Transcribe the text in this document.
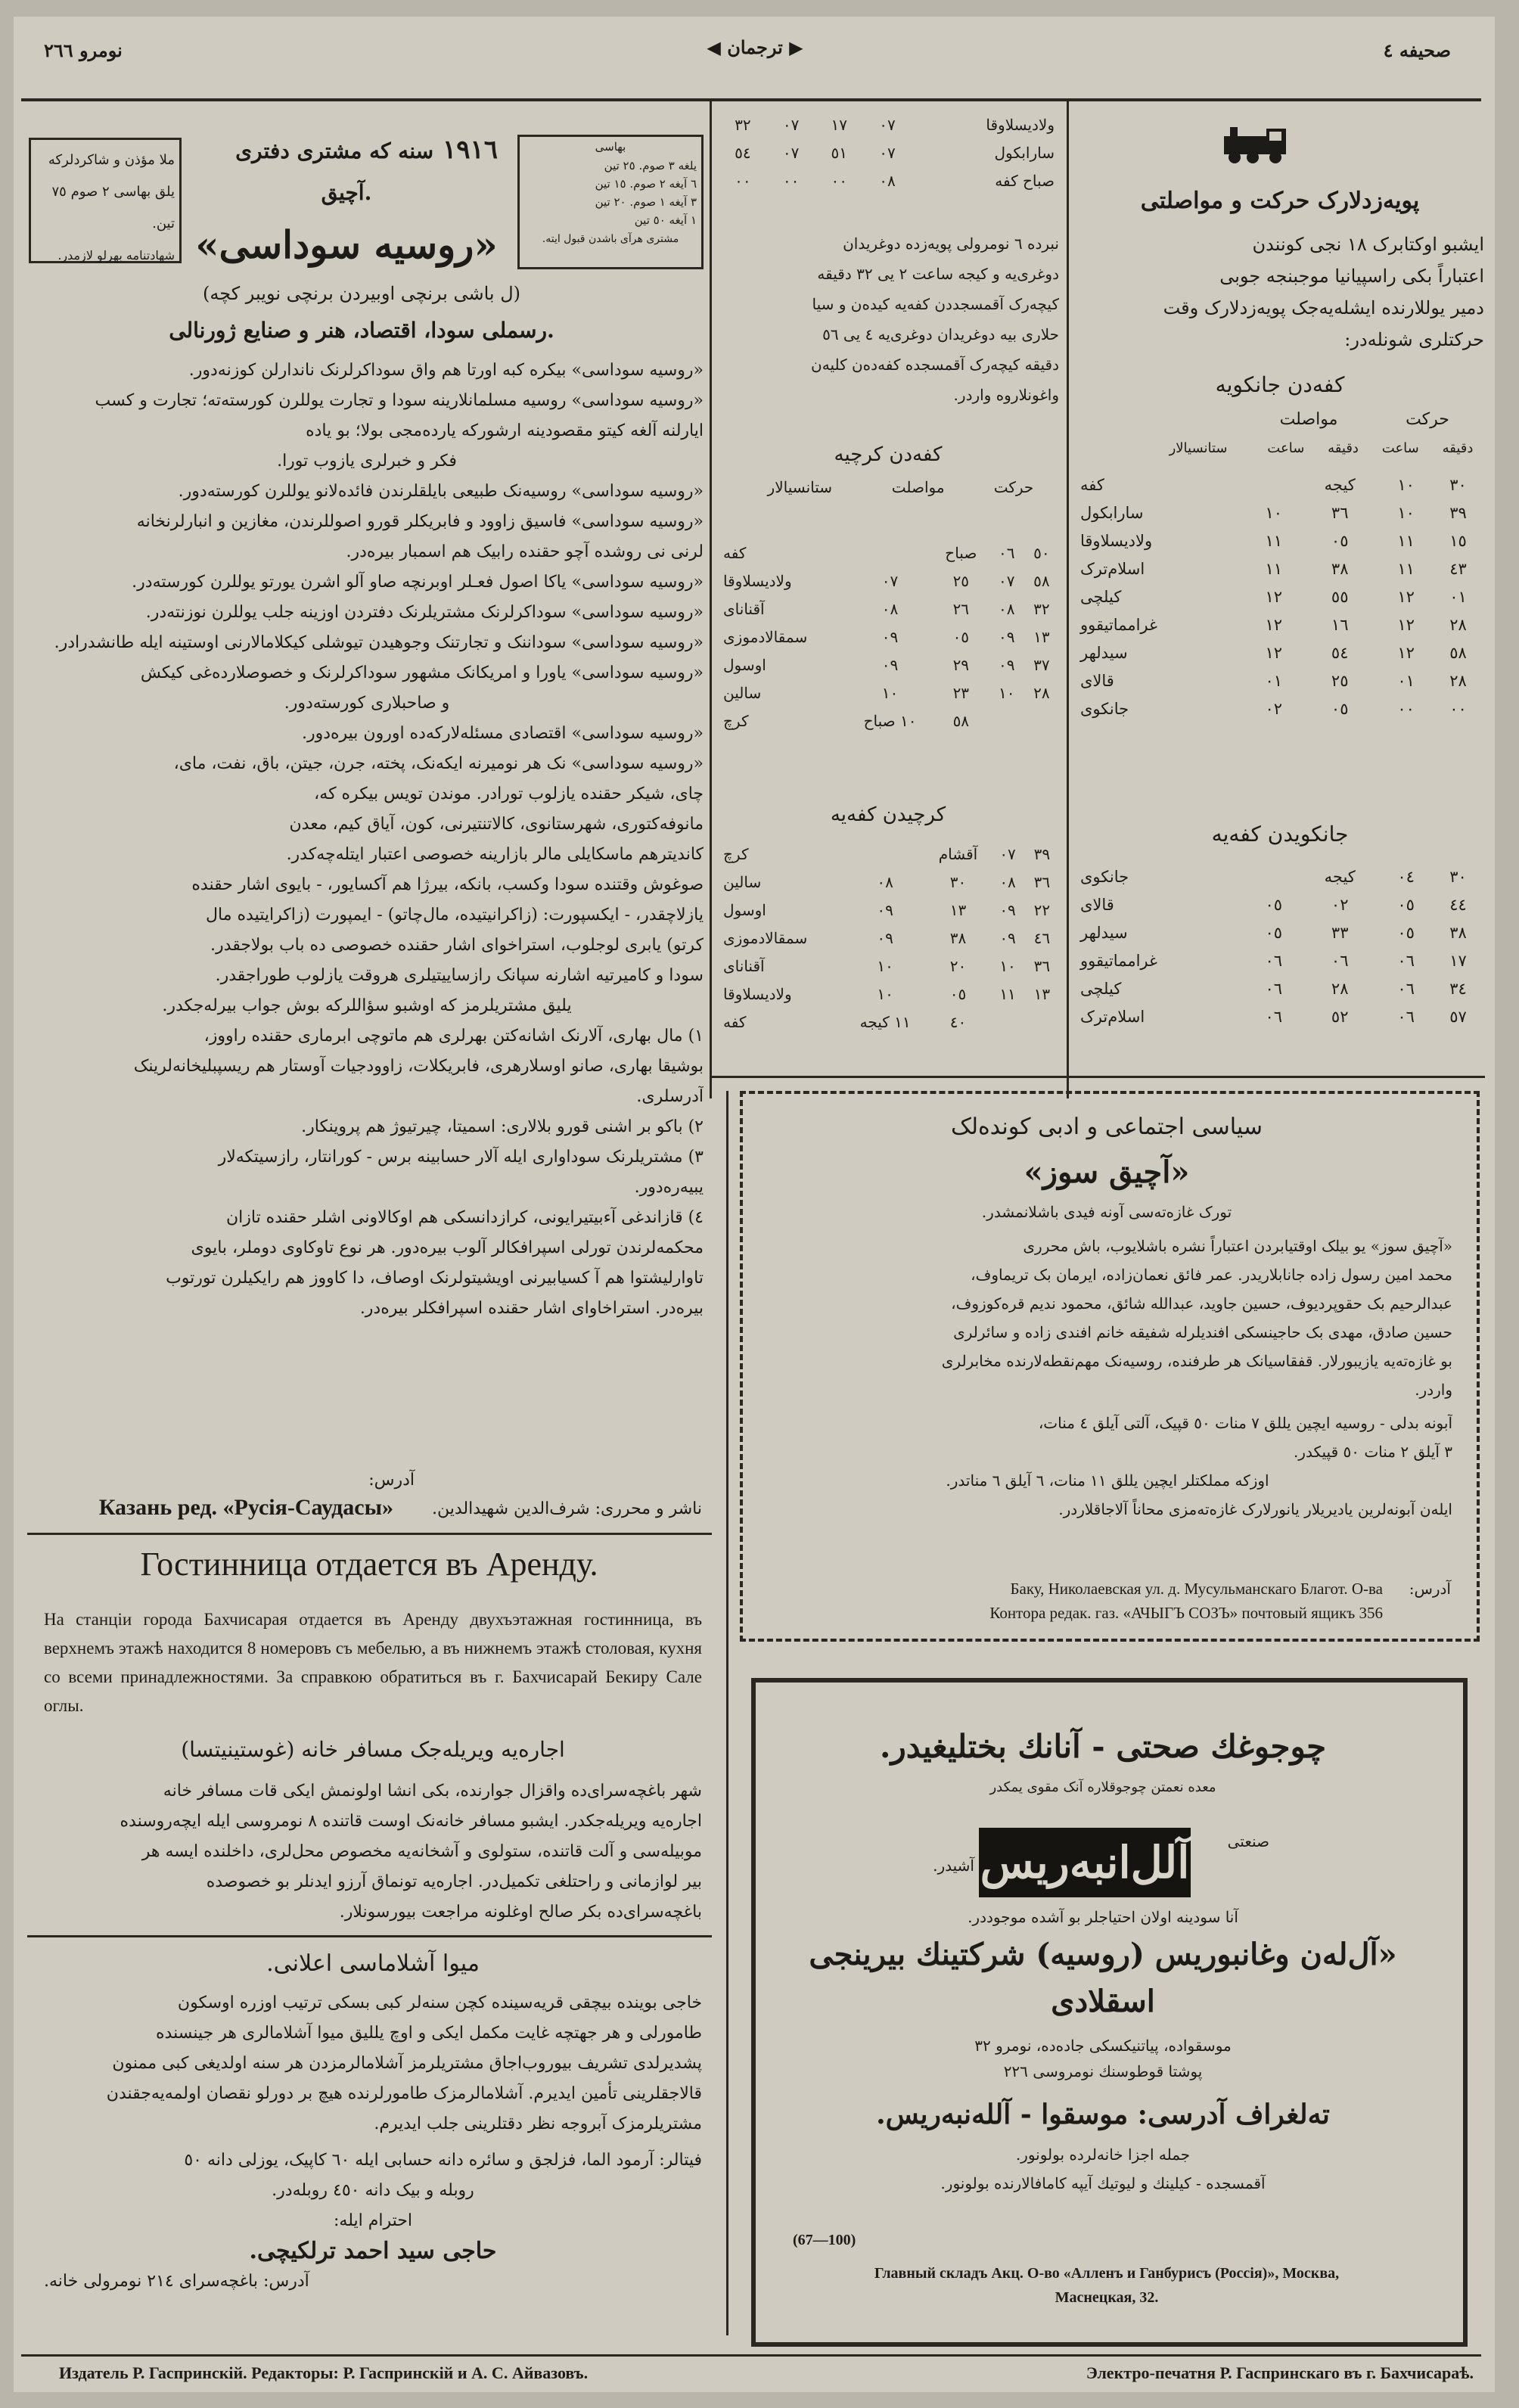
صحیفه ٤
◀ ترجمان ▶
نومرو ٢٦٦
ملا مؤذن و شاکردلرکه
یلق بهاسی ٢ صوم ٧٥ تین.
شهادتنامه بهرلو لازمدر.
١٩١٦ سنه که مشتری دفتری
آچیق.
«روسیه سوداسی»
بهاسی
یلغه ٣ صوم. ٢٥ تین
٦ آیغه ٢ صوم. ١٥ تین
٣ آیغه ١ صوم. ٢٠ تین
١ آیغه ٥٠ تین
مشتری هرآی باشدن قبول ایته.
(ل باشی برنچی اوبیردن برنچی نویبر کچه)
رسملی سودا، اقتصاد، هنر و صنایع ژورنالی.
«روسیه سوداسی» بیکره کبه اورتا هم واق سوداکرلرنک ناندارلن کوزنه‌دور.
«روسیه سوداسی» روسیه مسلمانلارینه سودا و تجارت یوللرن کورسته‌ته؛ تجارت و کسب
ایارلنه آلغه کیتو مقصودینه ارشورکه یارده‌مجی بولا؛ بو یاده
فکر و خبرلری یازوب تورا.
«روسیه سوداسی» روسیه‌نک طبیعی بایلقلرندن فائده‌لانو یوللرن کورسته‌دور.
«روسیه سوداسی» فاسیق زاوود و فابریکلر قورو اصوللرندن، مغازین و انبارلرنخانه
لرنی نی روشده آچو حقنده رابیک هم اسمبار بیره‌در.
«روسیه سوداسی» یاکا اصول فعـلر اوبرنچه صاو آلو اشرن یورتو یوللرن کورسته‌در.
«روسیه سوداسی» سوداکرلرنک مشتریلرنک دفتردن اوزینه جلب یوللرن نوزنته‌در.
«روسیه سوداسی» سوداننک و تجارتنک وجوهیدن تیوشلی کیکلامالارنی اوستینه ایله طانشدرادر.
«روسیه سوداسی» یاورا و امریکانک مشهور سوداکرلرنک و خصوصلارده‌غی کیکش
و صاحبلاری کورسته‌دور.
«روسیه سوداسی» اقتصادی مسئله‌لارکه‌ده اورون بیره‌دور.
«روسیه سوداسی» نک هر نومیرنه ایکه‌نک، پخته، جرن، جیتن، باق، نفت، مای،
چای، شیکر حقنده یازلوب تورادر. موندن تویس بیکره که،
مانوفه‌کتوری، شهرستانوی، کالاتنتیرنی، کون، آیاق کیم، معدن
کاندیترهم ماسکایلی مالر بازارینه خصوصی اعتبار ایتله‌چه‌کدر.
صوغوش وقتنده سودا وکسب، بانکه، بیرژا هم آکسایور، - بایوی اشار حقنده
یازلاچقدر، - ایکسپورت: (زاکرانیتیده، مال‌چاتو) - ایمپورت (زاکرایتیده مال
کرتو) یابری لوجلوب، استراخوای اشار حقنده خصوصی ده باب بولاجقدر.
سودا و کامیرتیه اشارنه سپانک رازساییتیلری هروقت یازلوب طوراجقدر.
یلیق مشتریلرمز که اوشبو سؤاللرکه بوش جواب بیرله‌جکدر.
١) مال بهاری، آلارنک اشانه‌کتن بهرلری هم ماتوچی ابرماری حقنده راووز،
بوشیقا بهاری، صانو اوسلارهری، فابریکلات، زاوودجیات آوستار هم ریسپبلیخانه‌لرینک
آدرسلری.
٢) باکو بر اشنی قورو بلالاری: اسمیتا، چیرتیوژ هم پروینکار.
٣) مشتریلرنک سوداواری ایله آلار حسابینه برس - کورانتار، رازسیتکه‌لار
یبیه‌ر‌ه‌دور.
٤) قازاندغی آ‌ءبیتیرایونی، کرازدانسکی هم اوکالاونی اشلر حقنده تازان
محکمه‌لرندن تورلی اسپرافکالر آلوب بیره‌دور. هر نوع تاوکاوی دوملر، بایوی
تاوارلیشتوا هم آ کسیابیرنی اویشیتولرنک اوصاف، دا کاووز هم رایکیلرن تورتوب
بیره‌در. استراخاوای اشار حقنده اسپرافکلر بیره‌در.
آدرس:
ناشر و محرری: شرف‌الدین شهیدالدین.
Казань ред. «Русiя-Саудасы»
Гостинница отдается въ Аренду.
На станціи города Бахчисарая отдается въ Аренду двухъэтажная гостинница, въ верхнемъ этажѣ находится 8 номеровъ съ мебелью, а въ нижнемъ этажѣ столовая, кухня со всеми принадлежностями. За справкою обратиться въ г. Бахчисарай Бекиру Сале оглы.
اجاره‌یه ویریله‌جک مسافر خانه (غوستینیتسا)
شهر باغچه‌سرای‌ده واقزال جوارنده، بکی انشا اولونمش ایکی قات مسافر خانه
اجاره‌یه ویریله‌جکدر. ایشبو مسافر خانه‌نک اوست قاتنده ٨ نومروسی ایله ایچه‌رو‌سنده
موبیله‌سی و آلت قاتنده، ستولوی و آشخانه‌یه مخصوص محل‌لری، داخلنده ایسه هر
بیر لوازمانی و راحتلغی تکمیل‌در. اجاره‌یه تونماق آرزو ایدنلر بو خصوصده
باغچه‌سرای‌ده بکر صالح اوغلونه مراجعت بیورسونلار.
میوا آشلاماسی اعلانی.
خاجی بوینده بیچقی قریه‌سینده کچن سنه‌لر کبی بسکی ترتیب اوزره اوسکون
طامورلی و هر جهتچه غایت مکمل ایکی و اوچ یللیق میوا آشلامالری هر جینسنده
پشدیرلدی تشریف بیوروب‌اجاق مشتریلرمز آشلامالرمزدن هر سنه اولدیغی کبی ممنون
قالاجقلرینی تأمین ایدیرم. آشلامالرمزک طامورلرنده هیچ بر دورلو نقصان اولمه‌یه‌جقندن
مشتریلرمزک آبروجه نظر دقتلرینی جلب ایدیرم.
فیتالر: آرمود الما، فزلجق و سائره دانه حسابی ایله ٦٠ کاپیک، یوزلی دانه ٥٠
روبله و بیک دانه ٤٥٠ روبله‌در.
احترام ایله:
حاجی سید احمد ترلکیچی.
آدرس: باغچه‌سرای ٢١٤ نومرولی خانه.
ولادیسلاوقا	٠٧	١٧	٠٧	٣٢
سارابکول	٠٧	٥١	٠٧	٥٤
صباح کفه	٠٨	٠٠	٠٠	٠٠
نبرده ٦ نومرولی پویه‌زده دوغریدان
دوغری‌یه و کیجه ساعت ٢ یی ٣٢ دقیقه
کیچه‌رک آقمسجددن کفه‌یه کیده‌ن و سیا
حلاری بیه دوغریدان دوغری‌یه ٤ یی ٥٦
دقیقه کیچه‌رک آقمسجده کفه‌ده‌ن کلیه‌ن
واغونلاروه واردر.
کفه‌دن کرچیه
حرکت مواصلت ستانسیالار
٥٠	٠٦	صباح		کفه
٥٨	٠٧	٢٥	٠٧	ولادیسلاوقا
٣٢	٠٨	٢٦	٠٨	آقنانای
١٣	٠٩	٠٥	٠٩	سمقالادموزی
٣٧	٠٩	٢٩	٠٩	اوسول
٢٨	١٠	٢٣	١٠	سالین
		٥٨	١٠ صباح	کرچ
کرچیدن کفه‌یه
٣٩	٠٧	آقشام		کرچ
٣٦	٠٨	٣٠	٠٨	سالین
٢٢	٠٩	١٣	٠٩	اوسول
٤٦	٠٩	٣٨	٠٩	سمقالادموزی
٣٦	١٠	٢٠	١٠	آقنانای
١٣	١١	٠٥	١٠	ولادیسلاوقا
		٤٠	١١ کیجه	کفه
پویه‌زدلارک حرکت و مواصلتی
ایشبو اوکتابرک ١٨ نجی کونندن
اعتباراً بکی راسپیانیا موجبنجه جوبی
دمیر یوللارنده ایشله‌یه‌جک پویه‌زدلارک وقت
حرکتلری شونله‌در:
کفه‌دن جانکویه
حرکت مواصلت
دقیقه ساعت دقیقه ساعت ستانسیالار
٣٠	١٠	کیجه		کفه
٣٩	١٠	٣٦	١٠	سارابکول
١٥	١١	٠٥	١١	ولادیسلاوقا
٤٣	١١	٣٨	١١	اسلام‌ترک
٠١	١٢	٥٥	١٢	کیلچی
٢٨	١٢	١٦	١٢	غرامماتیقوو
٥٨	١٢	٥٤	١٢	سیدلهر
٢٨	٠١	٢٥	٠١	قالای
٠٠	٠٠	٠٥	٠٢	جانکوی
جانکویدن کفه‌یه
٣٠	٠٤	کیجه		جانکوی
٤٤	٠٥	٠٢	٠٥	قالای
٣٨	٠٥	٣٣	٠٥	سیدلهر
١٧	٠٦	٠٦	٠٦	غرامماتیقوو
٣٤	٠٦	٢٨	٠٦	کیلچی
٥٧	٠٦	٥٢	٠٦	اسلام‌ترک
سیاسی اجتماعی و ادبی کونده‌لک
«آچیق سوز»
تورک غازه‌ته‌سی آونه فیدی باشلانمشدر.
«آچیق سوز» یو بیلک اوقتیابردن اعتباراً نشره باشلایوب، باش محرری
محمد امین رسول زاده جانابلاریدر. عمر فائق نعمان‌زاده، ایرمان بک تریماوف،
عبدالرحیم بک حقوپردیوف، حسین جاوید، عبدالله شائق، محمود ندیم قره‌کوزوف،
حسین صادق، مهدی بک حاجینسکی افندیلرله شفیقه خانم افندی زاده و سائرلری
بو غازه‌ته‌یه یازیبورلار. قفقاسیانک هر طرفنده، روسیه‌نک مهم‌نقطه‌لارنده مخابرلری
واردر.
آبونه بدلی - روسیه ایچین یللق ٧ منات ٥٠ قپیک، آلتی آیلق ٤ منات،
٣ آیلق ٢ منات ٥٠ قپیکدر.
اوزکه مملکتلر ایچین یللق ١١ منات، ٦ آیلق ٦ مناتدر.
ایله‌ن آبونه‌لرین یادیریلار یانورلارک غازه‌ته‌مزی محاناً آلاجاقلاردر.
آدرس:
Баку, Николаевская ул. д. Мусульманскаго Благот. О-ва
Контора редак. газ. «АЧЫГЪ СОЗЪ» почтовый ящикъ 356
چوجوغك صحتی - آنانك بختلیغیدر.
معده نعمتن چوجوقلاره آنک مقوی یمکدر
صنعتی
آلل‌انبه‌ریس
آشیدر.
آنا سودینه اولان احتیاجلر بو آشده موجوددر.
«آل‌له‌ن وغانبوریس (روسیه) شرکتینك بیرینجی
اسقلادی
موسقواده، پیاتنیکسکی جاده‌ده، نومرو ٣٢
پوشتا قوطوسنك نومروسی ٢٢٦
ته‌لغراف آدرسی: موسقوا - آلله‌نبه‌ریس.
جمله اجزا خانه‌لرده بولونور.
آقمسجده - کیلینك و لیوتیك آیپه‌ کامافالارنده بولونور.
(67—100)
Главный складъ Акц. О-во «Алленъ и Ганбурисъ (Россія)», Москва,
Маснецкая, 32.
Издатель Р. Гаспринскій. Редакторы: Р. Гаспринскій и А. С. Айвазовъ.	Электро-печатня Р. Гаспринскаго въ г. Бахчисараѣ.
